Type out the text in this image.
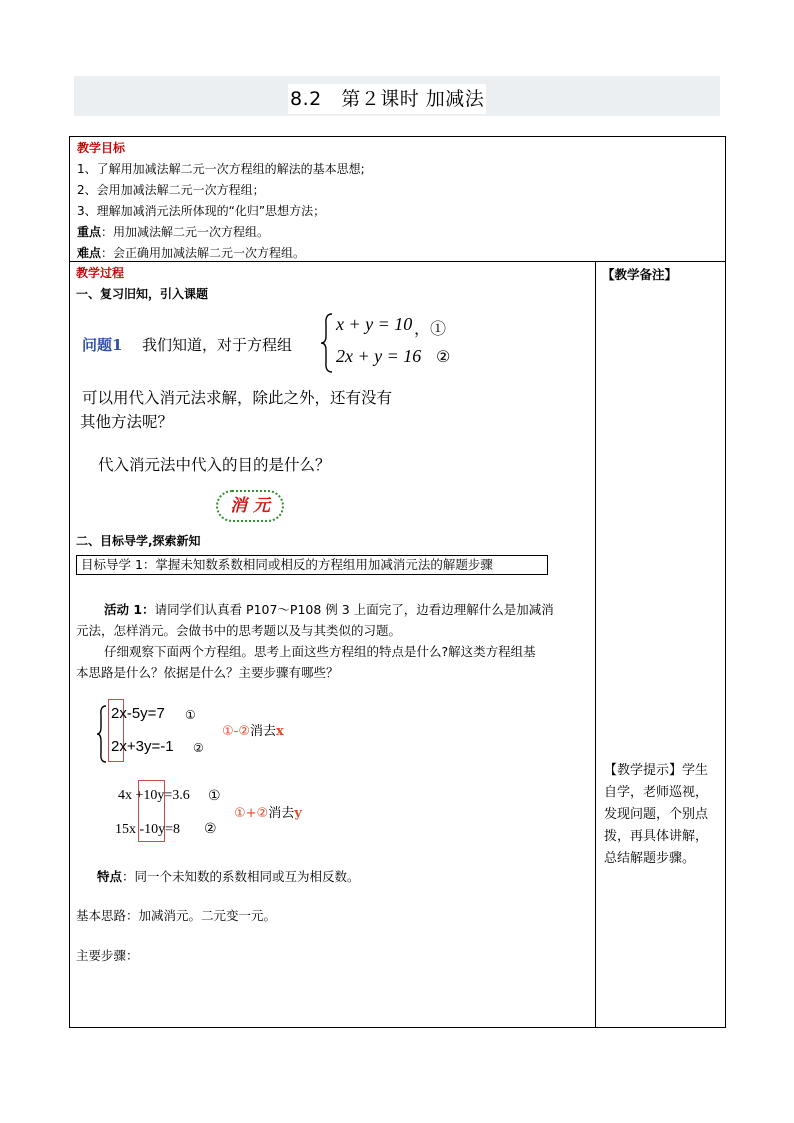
8.2　第２课时 加减法
教学目标
1、了解用加减法解二元一次方程组的解法的基本思想;
2、会用加减法解二元一次方程组；
3、理解加减消元法所体现的“化归”思想方法；
重点：用加减法解二元一次方程组。
难点：会正确用加减法解二元一次方程组。
教学过程
一、复习旧知，引入课题
问题1 我们知道，对于方程组
x + y = 10 ，①
2x + y = 16 ②
可以用代入消元法求解，除此之外，还有没有
其他方法呢？
代入消元法中代入的目的是什么？
消 元
二、目标导学,探索新知
目标导学 1：掌握未知数系数相同或相反的方程组用加减消元法的解题步骤
活动 1：请同学们认真看 P107～P108 例 3 上面完了，边看边理解什么是加减消
元法，怎样消元。会做书中的思考题以及与其类似的习题。
仔细观察下面两个方程组。思考上面这些方程组的特点是什么?解这类方程组基
本思路是什么？依据是什么？主要步骤有哪些？
2x-5y=7 ①
2x+3y=-1 ②
①-②消去x
4x +10y=3.6 ①
15x -10y=8 ②
①+②消去y
特点：同一个未知数的系数相同或互为相反数。
基本思路：加减消元。二元变一元。
主要步骤：
【教学备注】
【教学提示】学生自学，老师巡视，发现问题，个别点拨，再具体讲解，总结解题步骤。
